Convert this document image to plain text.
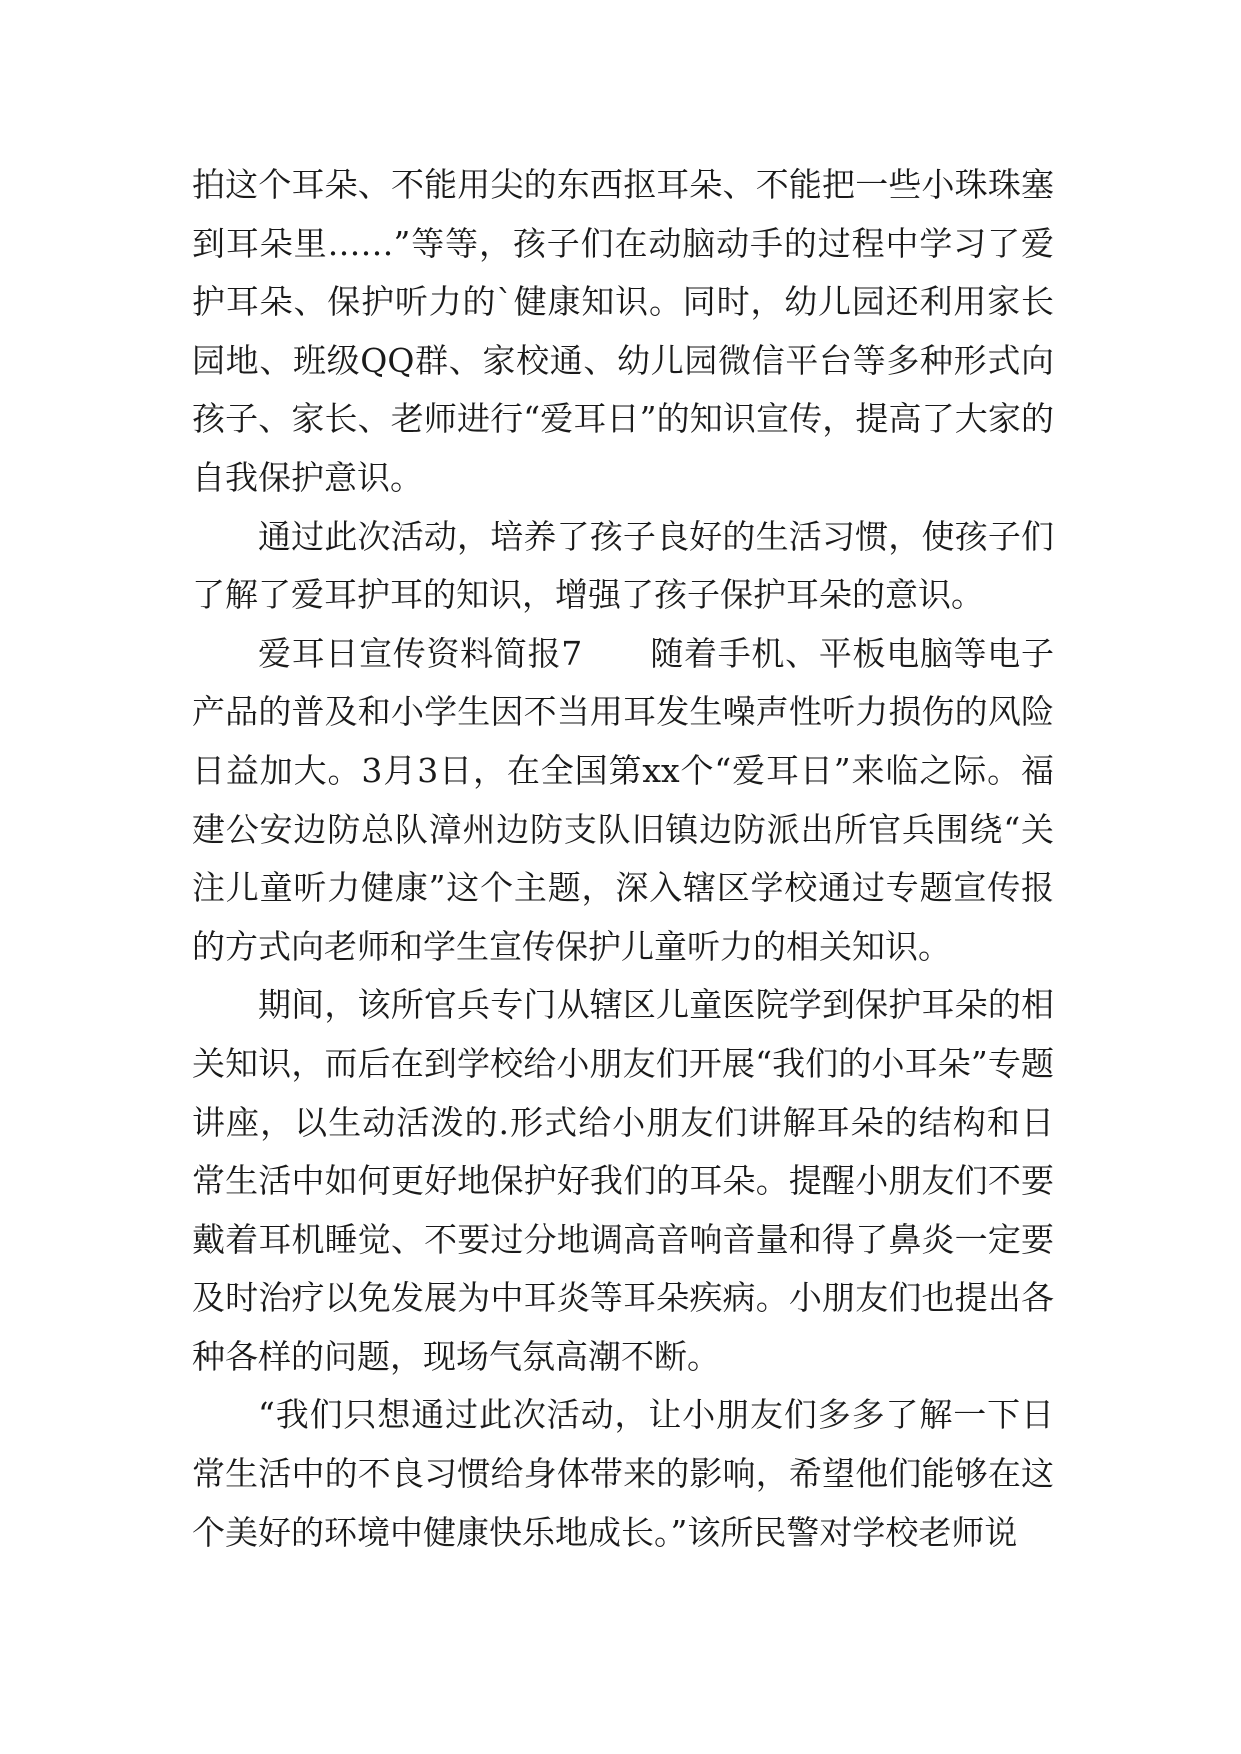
拍这个耳朵、不能用尖的东西抠耳朵、不能把一些小珠珠塞到耳朵里……”等等，孩子们在动脑动手的过程中学习了爱护耳朵、保护听力的`健康知识。同时，幼儿园还利用家长园地、班级QQ群、家校通、幼儿园微信平台等多种形式向孩子、家长、老师进行“爱耳日”的知识宣传，提高了大家的自我保护意识。

通过此次活动，培养了孩子良好的生活习惯，使孩子们了解了爱耳护耳的知识，增强了孩子保护耳朵的意识。

爱耳日宣传资料简报7　　随着手机、平板电脑等电子产品的普及和小学生因不当用耳发生噪声性听力损伤的风险日益加大。3月3日，在全国第xx个“爱耳日”来临之际。福建公安边防总队漳州边防支队旧镇边防派出所官兵围绕“关注儿童听力健康”这个主题，深入辖区学校通过专题宣传报的方式向老师和学生宣传保护儿童听力的相关知识。

期间，该所官兵专门从辖区儿童医院学到保护耳朵的相关知识，而后在到学校给小朋友们开展“我们的小耳朵”专题讲座，以生动活泼的.形式给小朋友们讲解耳朵的结构和日常生活中如何更好地保护好我们的耳朵。提醒小朋友们不要戴着耳机睡觉、不要过分地调高音响音量和得了鼻炎一定要及时治疗以免发展为中耳炎等耳朵疾病。小朋友们也提出各种各样的问题，现场气氛高潮不断。

“我们只想通过此次活动，让小朋友们多多了解一下日常生活中的不良习惯给身体带来的影响，希望他们能够在这个美好的环境中健康快乐地成长。”该所民警对学校老师说
